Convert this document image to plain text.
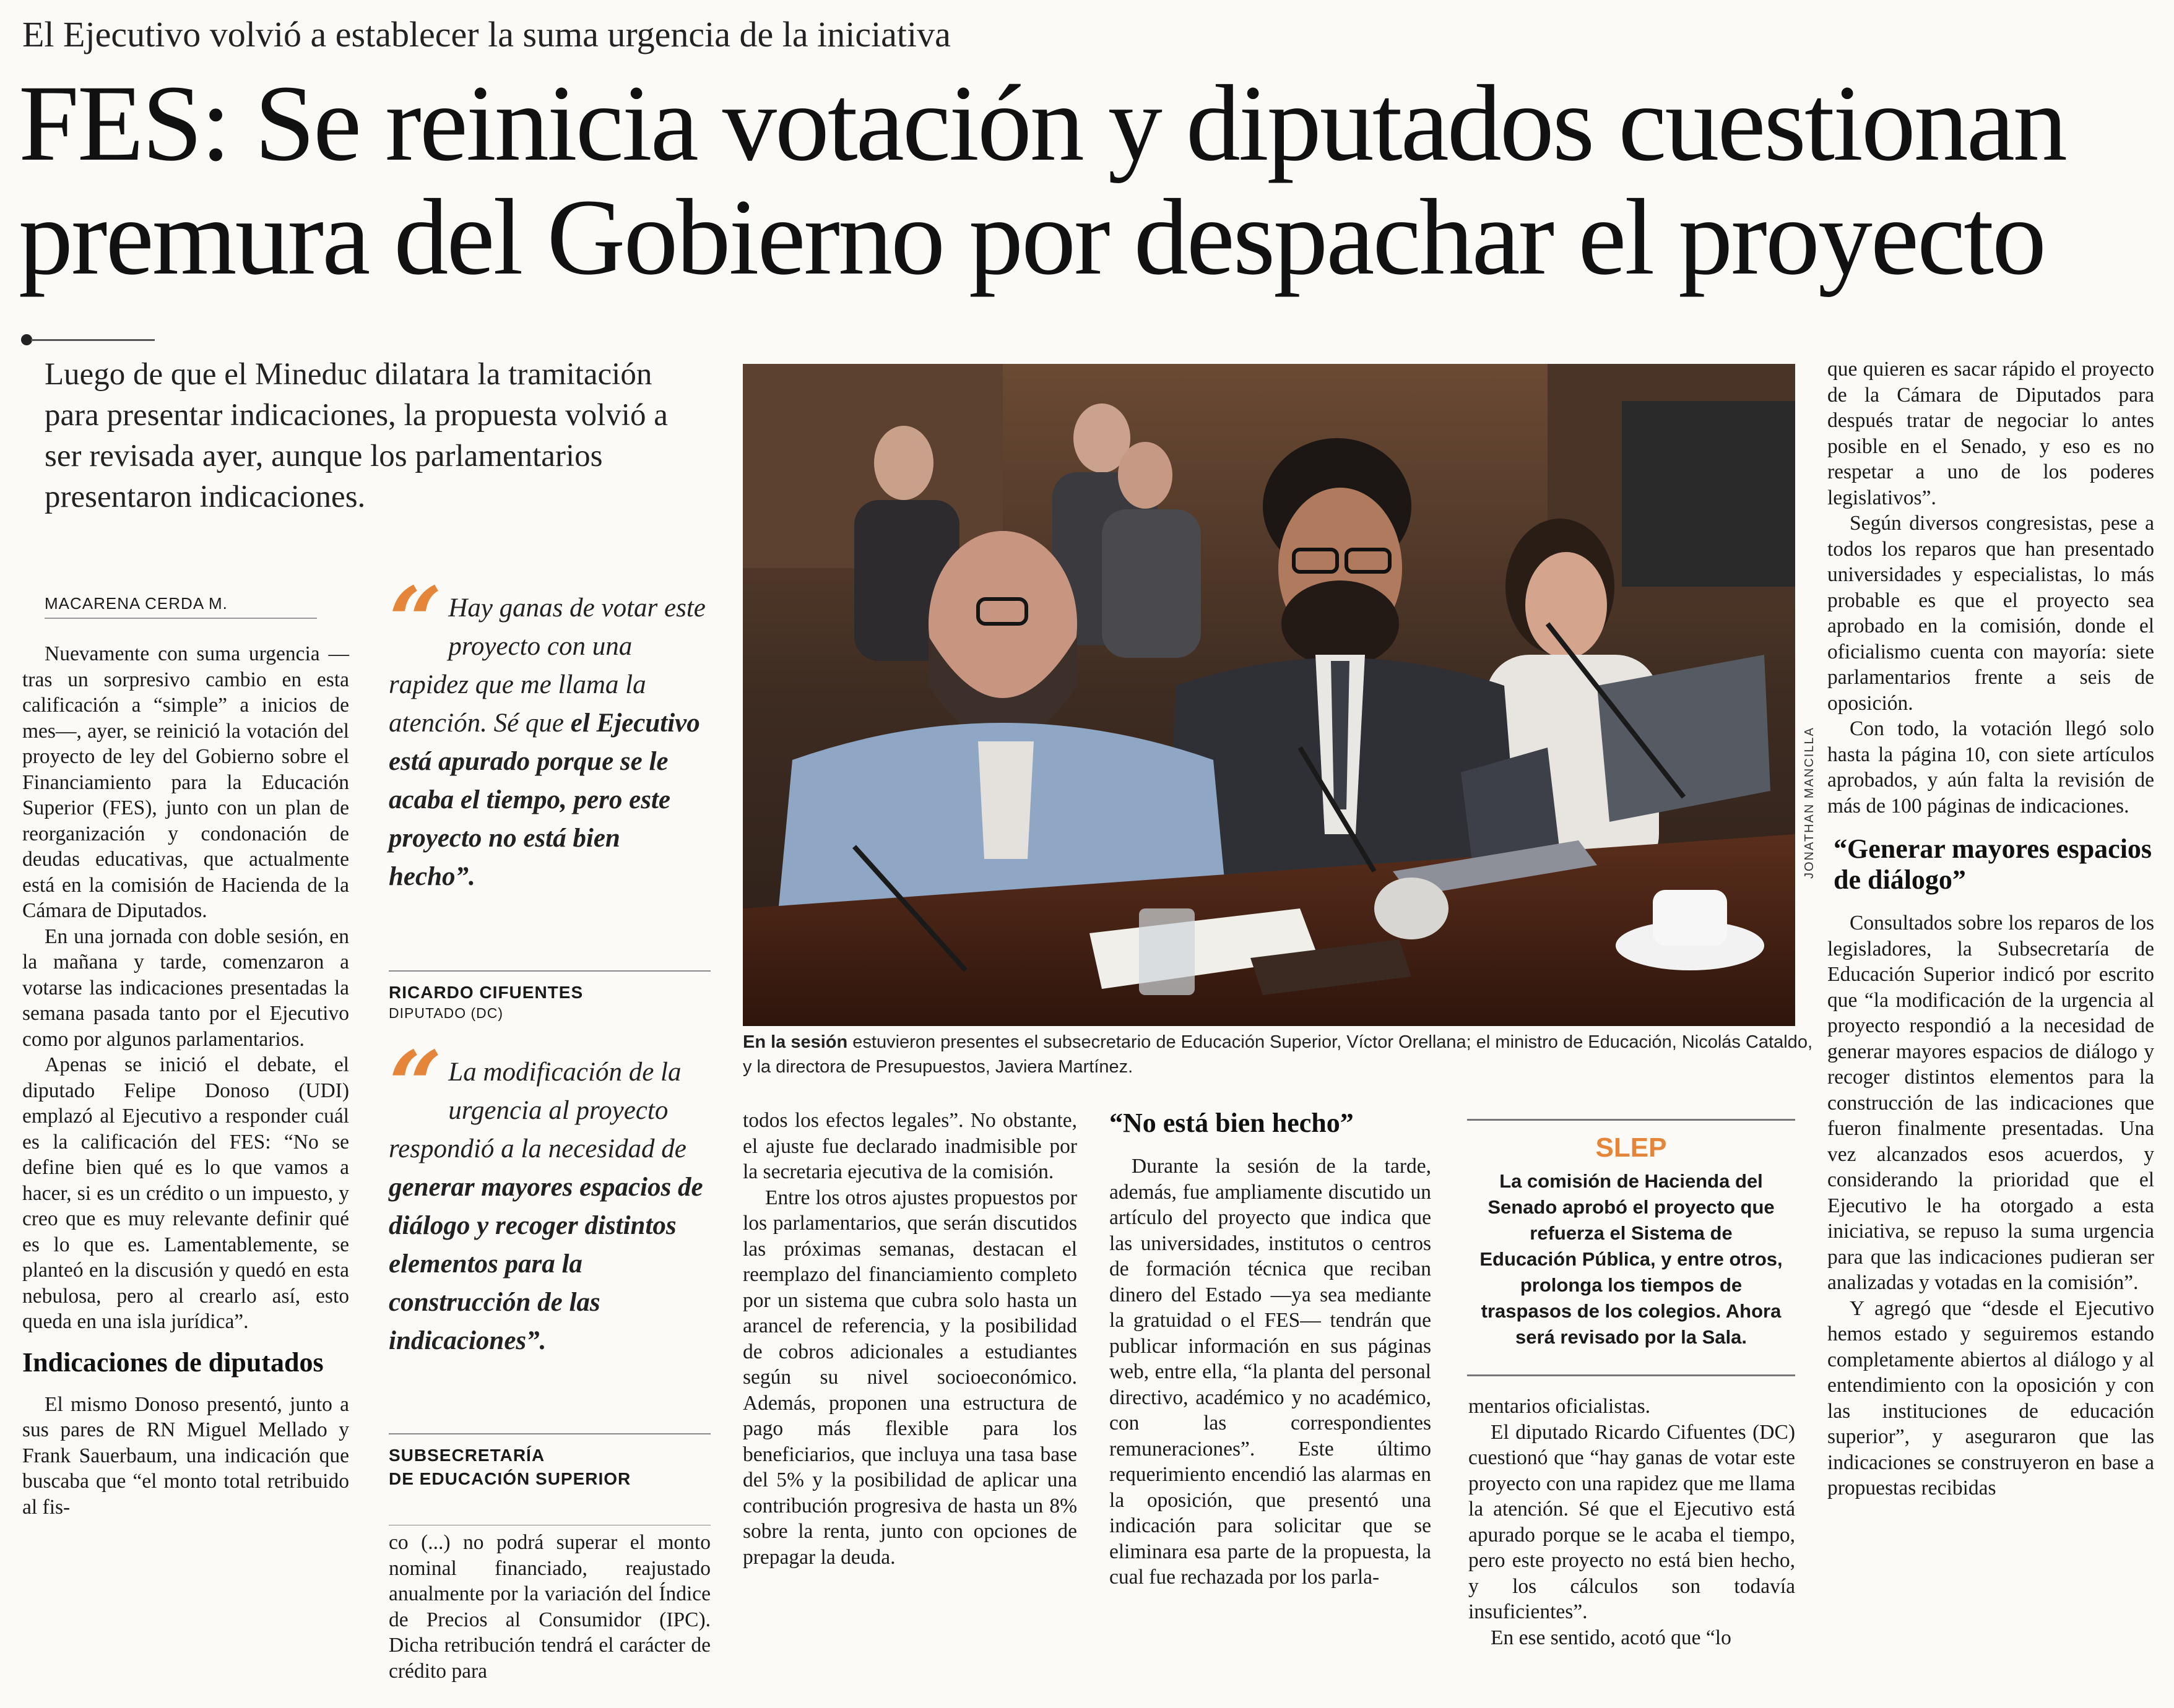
El Ejecutivo volvió a establecer la suma urgencia de la iniciativa
FES: Se reinicia votación y diputados cuestionan
premura del Gobierno por despachar el proyecto
Luego de que el Mineduc dilatara la tramitación para presentar indicaciones, la propuesta volvió a ser revisada ayer, aunque los parlamentarios presentaron indicaciones.
MACARENA CERDA M.

Nuevamente con suma urgencia —tras un sorpresivo cambio en esta calificación a “simple” a inicios de mes—, ayer, se reinició la votación del proyecto de ley del Gobierno sobre el Financiamiento para la Educación Superior (FES), junto con un plan de reorganización y condonación de deudas educativas, que actualmente está en la comisión de Hacienda de la Cámara de Diputados.

En una jornada con doble sesión, en la mañana y tarde, comenzaron a votarse las indicaciones presentadas la semana pasada tanto por el Ejecutivo como por algunos parlamentarios.

Apenas se inició el debate, el diputado Felipe Donoso (UDI) emplazó al Ejecutivo a responder cuál es la calificación del FES: “No se define bien qué es lo que vamos a hacer, si es un crédito o un impuesto, y creo que es muy relevante definir qué es lo que es. Lamentablemente, se planteó en la discusión y quedó en esta nebulosa, pero al crearlo así, esto queda en una isla jurídica”.

Indicaciones de diputados

El mismo Donoso presentó, junto a sus pares de RN Miguel Mellado y Frank Sauerbaum, una indicación que buscaba que “el monto total retribuido al fis-

“ Hay ganas de votar este proyecto con una rapidez que me llama la atención. Sé que el Ejecutivo está apurado porque se le acaba el tiempo, pero este proyecto no está bien hecho”.
RICARDO CIFUENTES
DIPUTADO (DC)
“ La modificación de la urgencia al proyecto respondió a la necesidad de generar mayores espacios de diálogo y recoger distintos elementos para la construcción de las indicaciones”.
SUBSECRETARÍA
DE EDUCACIÓN SUPERIOR

co (...) no podrá superar el monto nominal financiado, reajustado anualmente por la variación del Índice de Precios al Consumidor (IPC). Dicha retribución tendrá el carácter de crédito para

JONATHAN MANCILLA
En la sesión estuvieron presentes el subsecretario de Educación Superior, Víctor Orellana; el ministro de Educación, Nicolás Cataldo, y la directora de Presupuestos, Javiera Martínez.

todos los efectos legales”. No obstante, el ajuste fue declarado inadmisible por la secretaria ejecutiva de la comisión.

Entre los otros ajustes propuestos por los parlamentarios, que serán discutidos las próximas semanas, destacan el reemplazo del financiamiento completo por un sistema que cubra solo hasta un arancel de referencia, y la posibilidad de cobros adicionales a estudiantes según su nivel socioeconómico. Además, proponen una estructura de pago más flexible para los beneficiarios, que incluya una tasa base del 5% y la posibilidad de aplicar una contribución progresiva de hasta un 8% sobre la renta, junto con opciones de prepagar la deuda.

“No está bien hecho”

Durante la sesión de la tarde, además, fue ampliamente discutido un artículo del proyecto que indica que las universidades, institutos o centros de formación técnica que reciban dinero del Estado —ya sea mediante la gratuidad o el FES— tendrán que publicar información en sus páginas web, entre ella, “la planta del personal directivo, académico y no académico, con las correspondientes remuneraciones”. Este último requerimiento encendió las alarmas en la oposición, que presentó una indicación para solicitar que se eliminara esa parte de la propuesta, la cual fue rechazada por los parla-

SLEP
La comisión de Hacienda del Senado aprobó el proyecto que refuerza el Sistema de Educación Pública, y entre otros, prolonga los tiempos de traspasos de los colegios. Ahora será revisado por la Sala.

mentarios oficialistas.

El diputado Ricardo Cifuentes (DC) cuestionó que “hay ganas de votar este proyecto con una rapidez que me llama la atención. Sé que el Ejecutivo está apurado porque se le acaba el tiempo, pero este proyecto no está bien hecho, y los cálculos son todavía insuficientes”.

En ese sentido, acotó que “lo

que quieren es sacar rápido el proyecto de la Cámara de Diputados para después tratar de negociar lo antes posible en el Senado, y eso es no respetar a uno de los poderes legislativos”.

Según diversos congresistas, pese a todos los reparos que han presentado universidades y especialistas, lo más probable es que el proyecto sea aprobado en la comisión, donde el oficialismo cuenta con mayoría: siete parlamentarios frente a seis de oposición.

Con todo, la votación llegó solo hasta la página 10, con siete artículos aprobados, y aún falta la revisión de más de 100 páginas de indicaciones.

“Generar mayores espacios de diálogo”

Consultados sobre los reparos de los legisladores, la Subsecretaría de Educación Superior indicó por escrito que “la modificación de la urgencia al proyecto respondió a la necesidad de generar mayores espacios de diálogo y recoger distintos elementos para la construcción de las indicaciones que fueron finalmente presentadas. Una vez alcanzados esos acuerdos, y considerando la prioridad que el Ejecutivo le ha otorgado a esta iniciativa, se repuso la suma urgencia para que las indicaciones pudieran ser analizadas y votadas en la comisión”.

Y agregó que “desde el Ejecutivo hemos estado y seguiremos estando completamente abiertos al diálogo y al entendimiento con la oposición y con las instituciones de educación superior”, y aseguraron que las indicaciones se construyeron en base a propuestas recibidas
